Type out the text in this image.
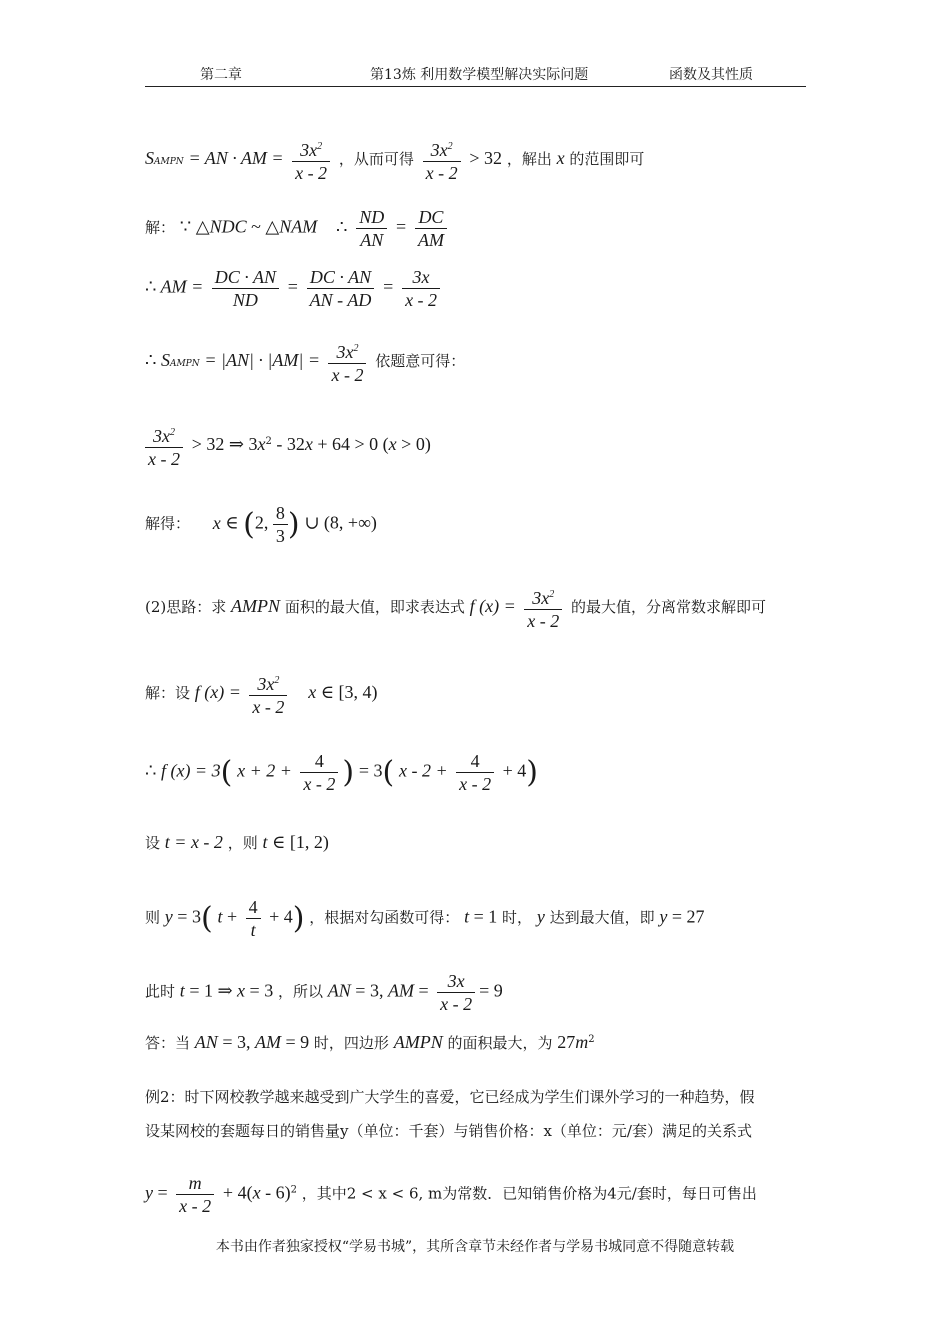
第二章	第13炼 利用数学模型解决实际问题	函数及其性质
SAMPN = AN · AM = $\frac{3x^2}{x - 2}$ ，从而可得 $\frac{3x^2}{x - 2} > 32$ ，解出 x 的范围即可
解： ∵ △NDC ~ △NAM ∴ $\frac{ND}{AN} = \frac{DC}{AM}$
∴ AM = $\frac{DC \cdot AN}{ND} = \frac{DC \cdot AN}{AN - AD} = \frac{3x}{x - 2}$
∴ SAMPN = $|AN| \cdot |AM| = \frac{3x^2}{x - 2}$ 依题意可得：
$\frac{3x^2}{x - 2} > 32$ ⇒ $3x^2 - 32x + 64 > 0$ (x > 0)
解得： x ∈ (2, $\frac{8}{3}$ ) ∪ (8, +∞)
(2)思路：求 AMPN 面积的最大值，即求表达式 f $(x) = \frac{3x^2}{x - 2}$ 的最大值，分离常数求解即可
解：设 f $(x) = \frac{3x^2}{x - 2}$ x ∈ [3, 4)
∴ f (x) = 3( $x + 2 + \frac{4}{x - 2}$ ) = 3( $x - 2 + \frac{4}{x - 2} + 4$)
设 t = x - 2 ，则 t ∈ [1, 2)
则 y = 3( $t + \frac{4}{t} + 4$) ，根据对勾函数可得： t = 1 时， y 达到最大值，即 y = 27
此时 t = 1 ⇒ x = 3 ，所以 AN = 3, AM = $\frac{3x}{x - 2} = 9$
答：当 AN = 3, AM = 9 时，四边形 AMPN 的面积最大，为 $27m^2$
例2：时下网校教学越来越受到广大学生的喜爱，它已经成为学生们课外学习的一种趋势，假
设某网校的套题每日的销售量y（单位：千套）与销售价格：x（单位：元/套）满足的关系式
$y = \frac{m}{x - 2} + 4(x - 6)^2$ ，其中2 < x < 6, m为常数．已知销售价格为4元/套时，每日可售出
本书由作者独家授权“学易书城”，其所含章节未经作者与学易书城同意不得随意转载
